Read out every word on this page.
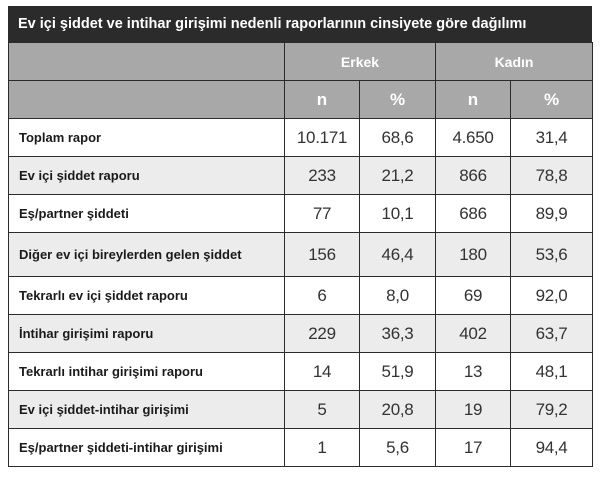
Ev içi şiddet ve intihar girişimi nedenli raporlarının cinsiyete göre dağılımı
	Erkek		Kadın	
	n	%	n	%
Toplam rapor	10.171	68,6	4.650	31,4
Ev içi şiddet raporu	233	21,2	866	78,8
Eş/partner şiddeti	77	10,1	686	89,9
Diğer ev içi bireylerden gelen şiddet	156	46,4	180	53,6
Tekrarlı ev içi şiddet raporu	6	8,0	69	92,0
İntihar girişimi raporu	229	36,3	402	63,7
Tekrarlı intihar girişimi raporu	14	51,9	13	48,1
Ev içi şiddet-intihar girişimi	5	20,8	19	79,2
Eş/partner şiddeti-intihar girişimi	1	5,6	17	94,4
